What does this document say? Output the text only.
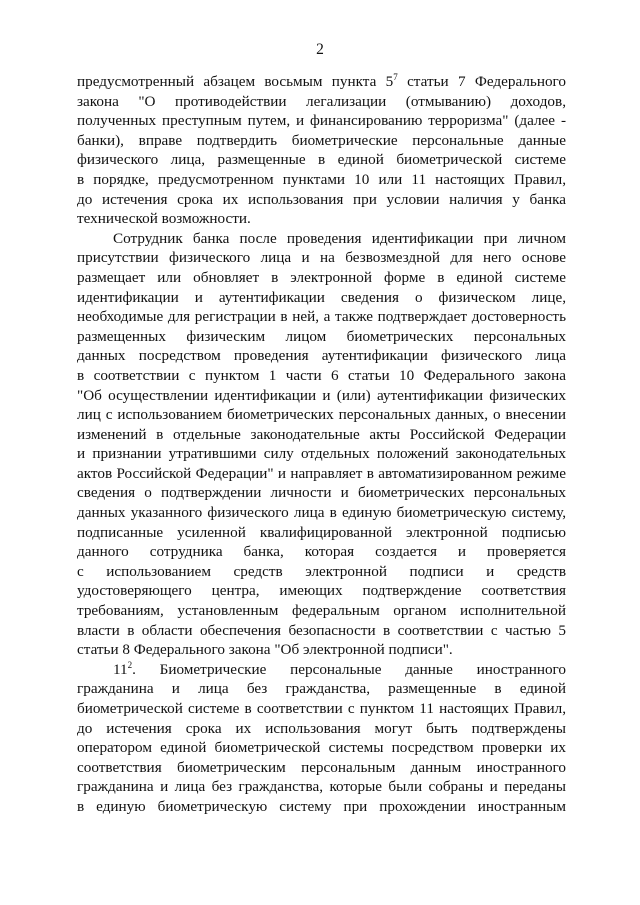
2
предусмотренный абзацем восьмым пункта $5^7$ статьи 7 Федерального
закона "О противодействии легализации (отмыванию) доходов,
полученных преступным путем, и финансированию терроризма" (далее -
банки), вправе подтвердить биометрические персональные данные
физического лица, размещенные в единой биометрической системе
в порядке, предусмотренном пунктами 10 или 11 настоящих Правил,
до истечения срока их использования при условии наличия у банка
технической возможности.
Сотрудник банка после проведения идентификации при личном
присутствии физического лица и на безвозмездной для него основе
размещает или обновляет в электронной форме в единой системе
идентификации и аутентификации сведения о физическом лице,
необходимые для регистрации в ней, а также подтверждает достоверность
размещенных физическим лицом биометрических персональных
данных посредством проведения аутентификации физического лица
в соответствии с пунктом 1 части 6 статьи 10 Федерального закона
"Об осуществлении идентификации и (или) аутентификации физических
лиц с использованием биометрических персональных данных, о внесении
изменений в отдельные законодательные акты Российской Федерации
и признании утратившими силу отдельных положений законодательных
актов Российской Федерации" и направляет в автоматизированном режиме
сведения о подтверждении личности и биометрических персональных
данных указанного физического лица в единую биометрическую систему,
подписанные усиленной квалифицированной электронной подписью
данного сотрудника банка, которая создается и проверяется
с использованием средств электронной подписи и средств
удостоверяющего центра, имеющих подтверждение соответствия
требованиям, установленным федеральным органом исполнительной
власти в области обеспечения безопасности в соответствии с частью 5
статьи 8 Федерального закона "Об электронной подписи".
$11^2$. Биометрические персональные данные иностранного
гражданина и лица без гражданства, размещенные в единой
биометрической системе в соответствии с пунктом 11 настоящих Правил,
до истечения срока их использования могут быть подтверждены
оператором единой биометрической системы посредством проверки их
соответствия биометрическим персональным данным иностранного
гражданина и лица без гражданства, которые были собраны и переданы
в единую биометрическую систему при прохождении иностранным
